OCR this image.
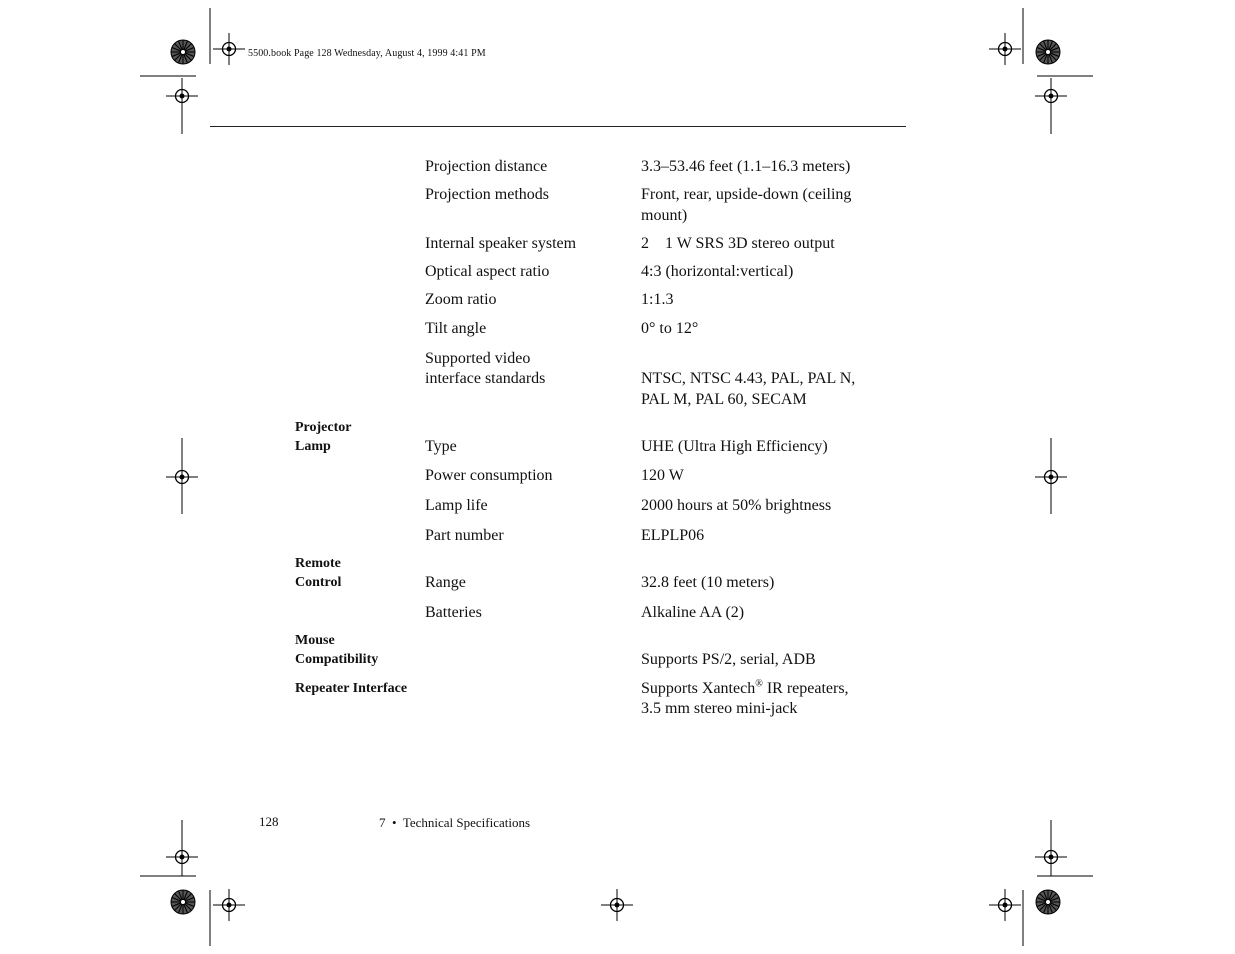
5500.book Page 128 Wednesday, August 4, 1999 4:41 PM
Projection distance	3.3–53.46 feet (1.1–16.3 meters)
Projection methods	Front, rear, upside-down (ceiling
mount)
Internal speaker system	2    1 W SRS 3D stereo output
Optical aspect ratio	4:3 (horizontal:vertical)
Zoom ratio	1:1.3
Tilt angle	0° to 12°
Supported video
interface standards	NTSC, NTSC 4.43, PAL, PAL N,
PAL M, PAL 60, SECAM
Projector
Lamp	Type	UHE (Ultra High Efficiency)
Power consumption	120 W
Lamp life	2000 hours at 50% brightness
Part number	ELPLP06
Remote
Control	Range	32.8 feet (10 meters)
Batteries	Alkaline AA (2)
Mouse
Compatibility	Supports PS/2, serial, ADB
Repeater Interface	Supports Xantech® IR repeaters,
3.5 mm stereo mini-jack
128	7  •  Technical Specifications
